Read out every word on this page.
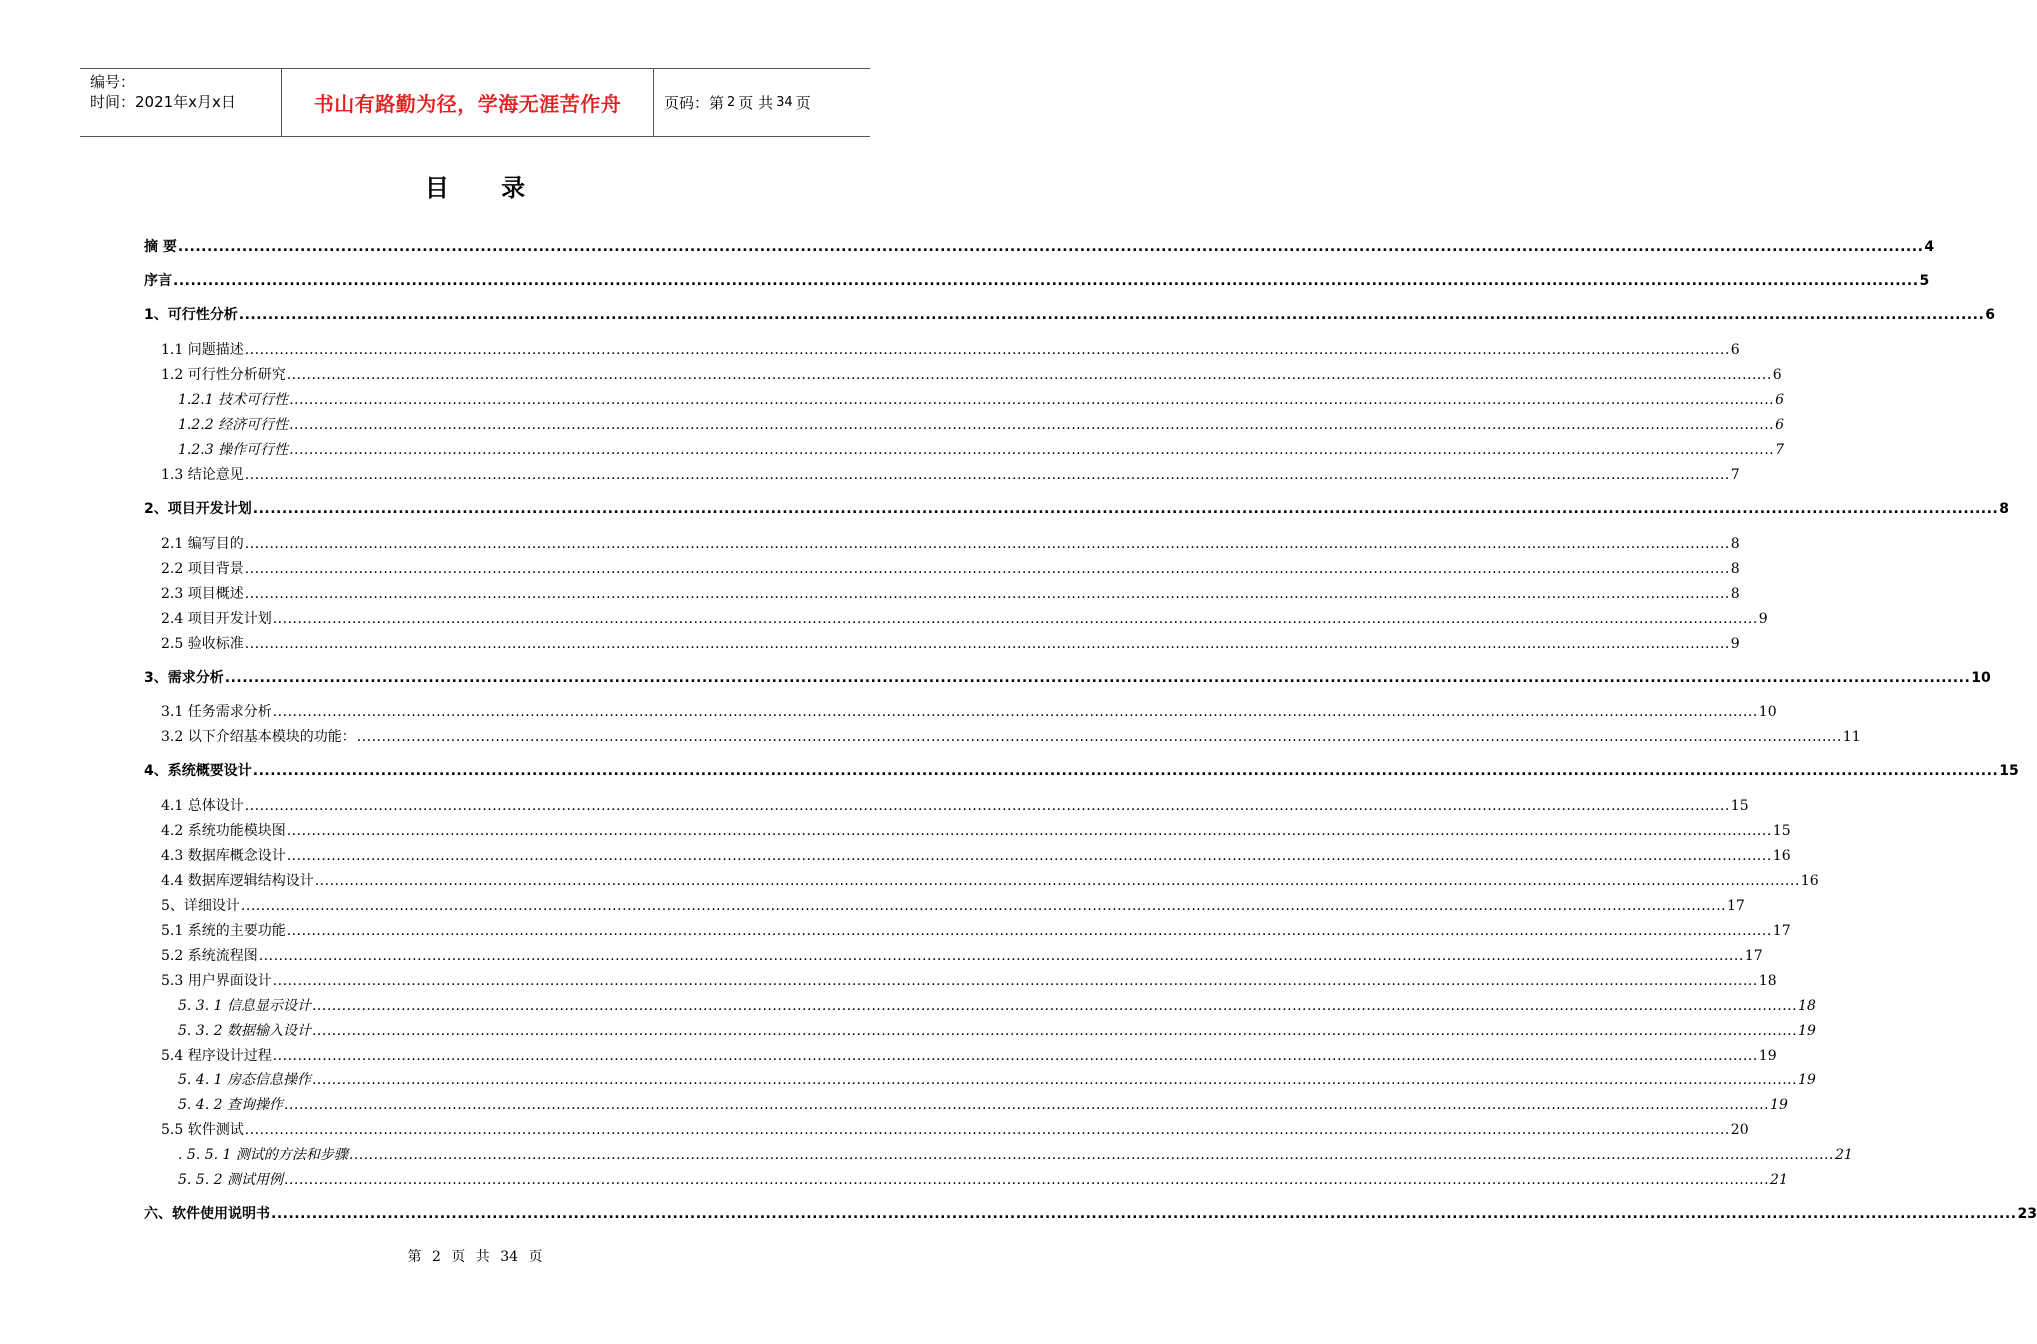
编号：
时间：2021年x月x日	书山有路勤为径，学海无涯苦作舟	页码：第 2 页 共 34 页
目 录
摘 要 ............................................................................................................................................................................................................................................................................................................ 4
序言 ............................................................................................................................................................................................................................................................................................................ 5
1、可行性分析 ............................................................................................................................................................................................................................................................................................................ 6
1.1 问题描述 ............................................................................................................................................................................................................................................................................................................ 6
1.2 可行性分析研究 ............................................................................................................................................................................................................................................................................................................ 6
1.2.1 技术可行性 ............................................................................................................................................................................................................................................................................................................ 6
1.2.2 经济可行性 ............................................................................................................................................................................................................................................................................................................ 6
1.2.3 操作可行性 ............................................................................................................................................................................................................................................................................................................ 7
1.3 结论意见 ............................................................................................................................................................................................................................................................................................................ 7
2、项目开发计划 ............................................................................................................................................................................................................................................................................................................ 8
2.1 编写目的 ............................................................................................................................................................................................................................................................................................................ 8
2.2 项目背景 ............................................................................................................................................................................................................................................................................................................ 8
2.3 项目概述 ............................................................................................................................................................................................................................................................................................................ 8
2.4 项目开发计划 ............................................................................................................................................................................................................................................................................................................ 9
2.5 验收标准 ............................................................................................................................................................................................................................................................................................................ 9
3、需求分析 ............................................................................................................................................................................................................................................................................................................ 10
3.1 任务需求分析 ............................................................................................................................................................................................................................................................................................................ 10
3.2 以下介绍基本模块的功能： ............................................................................................................................................................................................................................................................................................................ 11
4、系统概要设计 ............................................................................................................................................................................................................................................................................................................ 15
4.1 总体设计 ............................................................................................................................................................................................................................................................................................................ 15
4.2 系统功能模块图 ............................................................................................................................................................................................................................................................................................................ 15
4.3 数据库概念设计 ............................................................................................................................................................................................................................................................................................................ 16
4.4 数据库逻辑结构设计 ............................................................................................................................................................................................................................................................................................................ 16
5、详细设计 ............................................................................................................................................................................................................................................................................................................ 17
5.1 系统的主要功能 ............................................................................................................................................................................................................................................................................................................ 17
5.2 系统流程图 ............................................................................................................................................................................................................................................................................................................ 17
5.3 用户界面设计 ............................................................................................................................................................................................................................................................................................................ 18
5. 3. 1 信息显示设计 ............................................................................................................................................................................................................................................................................................................ 18
5. 3. 2 数据输入设计 ............................................................................................................................................................................................................................................................................................................ 19
5.4 程序设计过程 ............................................................................................................................................................................................................................................................................................................ 19
5. 4. 1 房态信息操作 ............................................................................................................................................................................................................................................................................................................ 19
5. 4. 2 查询操作 ............................................................................................................................................................................................................................................................................................................ 19
5.5 软件测试 ............................................................................................................................................................................................................................................................................................................ 20
. 5. 5. 1 测试的方法和步骤 ............................................................................................................................................................................................................................................................................................................ 21
5. 5. 2 测试用例 ............................................................................................................................................................................................................................................................................................................ 21
六、软件使用说明书 ............................................................................................................................................................................................................................................................................................................ 23
第 2 页 共 34 页
